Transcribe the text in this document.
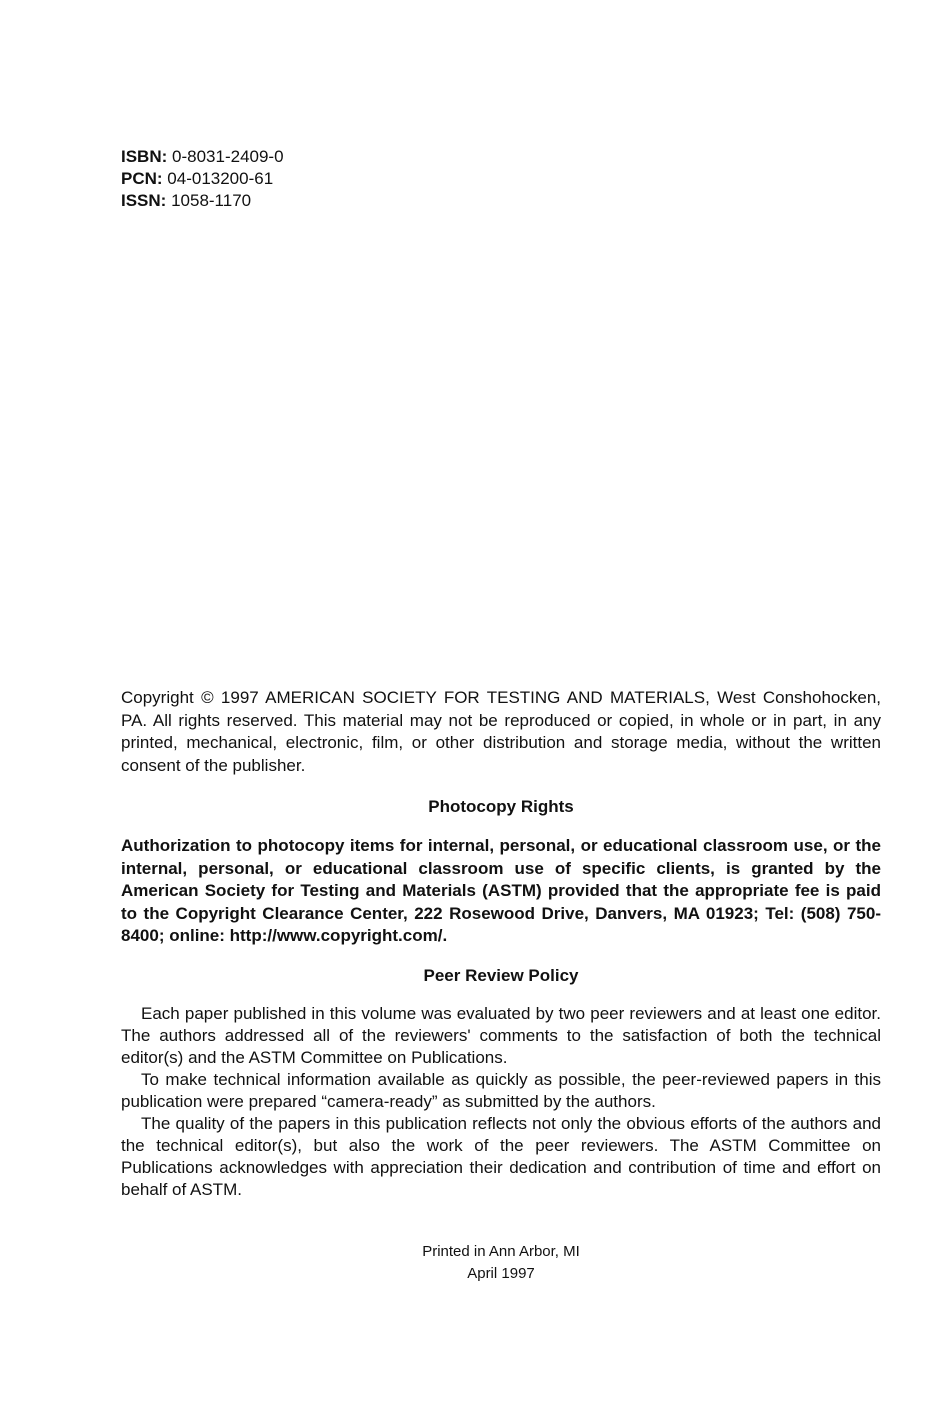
ISBN: 0-8031-2409-0
PCN: 04-013200-61
ISSN: 1058-1170

Copyright © 1997 AMERICAN SOCIETY FOR TESTING AND MATERIALS, West Conshohocken, PA. All rights reserved. This material may not be reproduced or copied, in whole or in part, in any printed, mechanical, electronic, film, or other distribution and storage media, without the written consent of the publisher.

Photocopy Rights

Authorization to photocopy items for internal, personal, or educational classroom use, or the internal, personal, or educational classroom use of specific clients, is granted by the American Society for Testing and Materials (ASTM) provided that the appropriate fee is paid to the Copyright Clearance Center, 222 Rosewood Drive, Danvers, MA 01923; Tel: (508) 750-8400; online: http://www.copyright.com/.

Peer Review Policy

Each paper published in this volume was evaluated by two peer reviewers and at least one editor. The authors addressed all of the reviewers' comments to the satisfaction of both the technical editor(s) and the ASTM Committee on Publications.

To make technical information available as quickly as possible, the peer-reviewed papers in this publication were prepared “camera-ready” as submitted by the authors.

The quality of the papers in this publication reflects not only the obvious efforts of the authors and the technical editor(s), but also the work of the peer reviewers. The ASTM Committee on Publications acknowledges with appreciation their dedication and contribution of time and effort on behalf of ASTM.

Printed in Ann Arbor, MI
April 1997
